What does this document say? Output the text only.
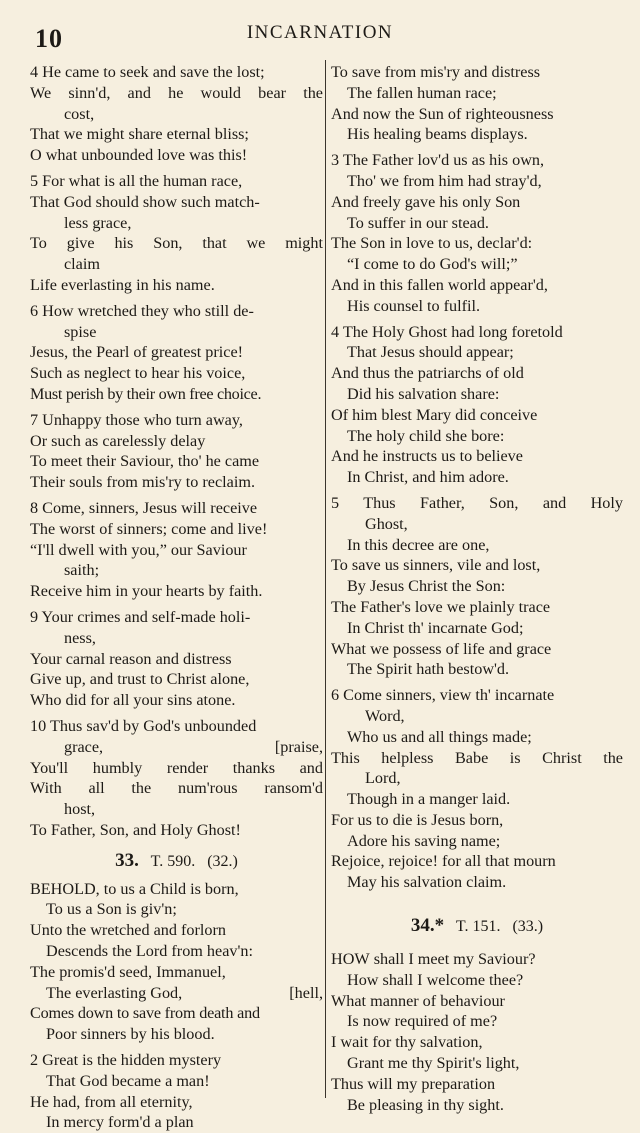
10	INCARNATION
4 He came to seek and save the lost;
We sinn'd, and he would bear the
cost,
That we might share eternal bliss;
O what unbounded love was this!
5 For what is all the human race,
That God should show such match-
less grace,
To give his Son, that we might
claim
Life everlasting in his name.
6 How wretched they who still de-
spise
Jesus, the Pearl of greatest price!
Such as neglect to hear his voice,
Must perish by their own free choice.
7 Unhappy those who turn away,
Or such as carelessly delay
To meet their Saviour, tho' he came
Their souls from mis'ry to reclaim.
8 Come, sinners, Jesus will receive
The worst of sinners; come and live!
“I'll dwell with you,” our Saviour
saith;
Receive him in your hearts by faith.
9 Your crimes and self-made holi-
ness,
Your carnal reason and distress
Give up, and trust to Christ alone,
Who did for all your sins atone.
10 Thus sav'd by God's unbounded
grace,	[praise,
You'll humbly render thanks and
With all the num'rous ransom'd
host,
To Father, Son, and Holy Ghost!
33. T. 590. (32.)
BEHOLD, to us a Child is born,
To us a Son is giv'n;
Unto the wretched and forlorn
Descends the Lord from heav'n:
The promis'd seed, Immanuel,
The everlasting God,	[hell,
Comes down to save from death and
Poor sinners by his blood.
2 Great is the hidden mystery
That God became a man!
He had, from all eternity,
In mercy form'd a plan
To save from mis'ry and distress
The fallen human race;
And now the Sun of righteousness
His healing beams displays.
3 The Father lov'd us as his own,
Tho' we from him had stray'd,
And freely gave his only Son
To suffer in our stead.
The Son in love to us, declar'd:
“I come to do God's will;”
And in this fallen world appear'd,
His counsel to fulfil.
4 The Holy Ghost had long foretold
That Jesus should appear;
And thus the patriarchs of old
Did his salvation share:
Of him blest Mary did conceive
The holy child she bore:
And he instructs us to believe
In Christ, and him adore.
5 Thus Father, Son, and Holy
Ghost,
In this decree are one,
To save us sinners, vile and lost,
By Jesus Christ the Son:
The Father's love we plainly trace
In Christ th' incarnate God;
What we possess of life and grace
The Spirit hath bestow'd.
6 Come sinners, view th' incarnate
Word,
Who us and all things made;
This helpless Babe is Christ the
Lord,
Though in a manger laid.
For us to die is Jesus born,
Adore his saving name;
Rejoice, rejoice! for all that mourn
May his salvation claim.
34.* T. 151. (33.)
HOW shall I meet my Saviour?
How shall I welcome thee?
What manner of behaviour
Is now required of me?
I wait for thy salvation,
Grant me thy Spirit's light,
Thus will my preparation
Be pleasing in thy sight.
